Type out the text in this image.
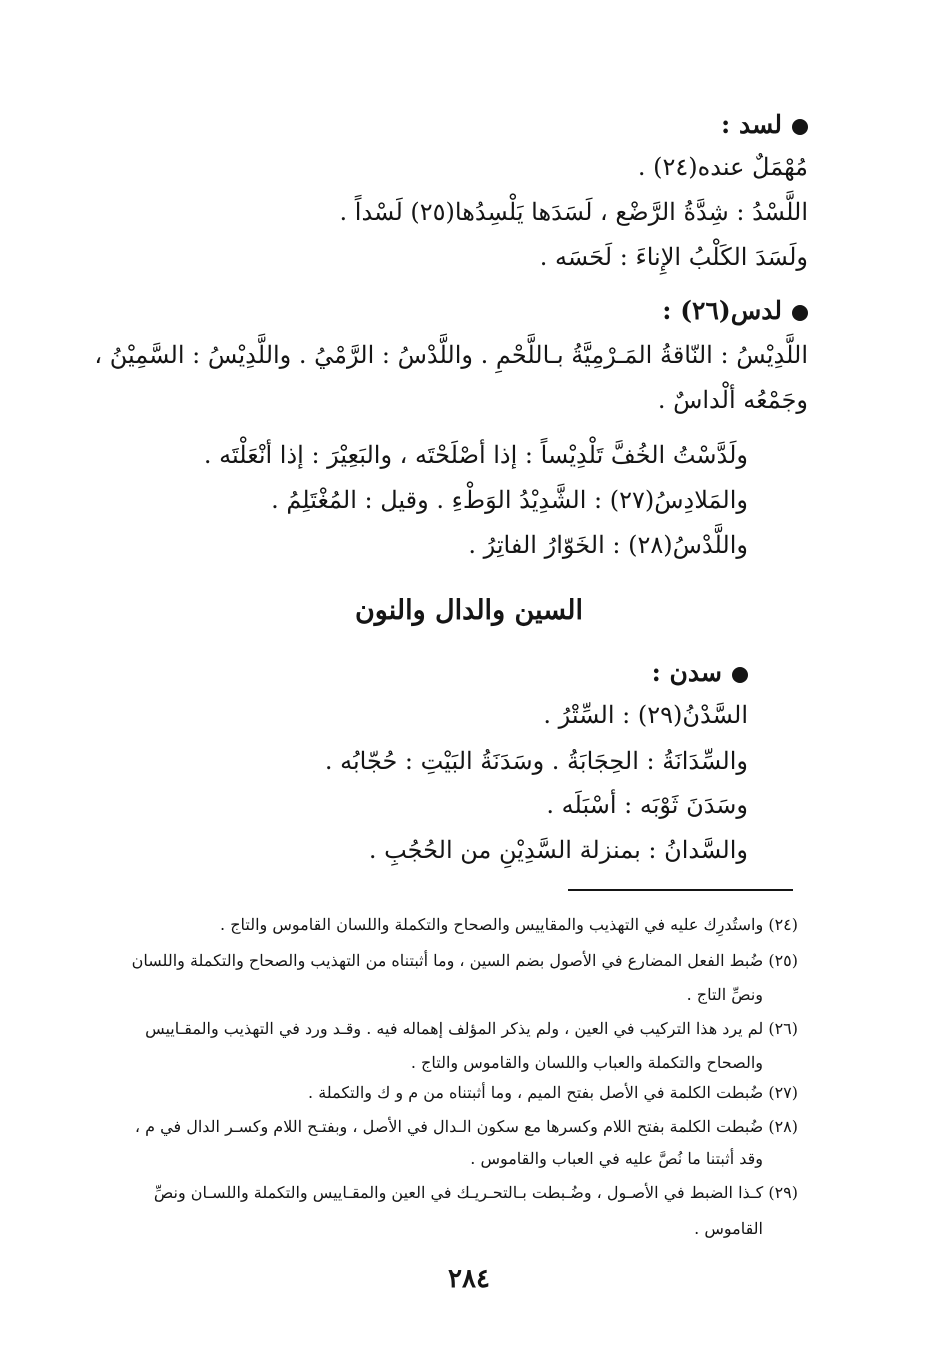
لسد :
مُهْمَلٌ عنده(٢٤) .
اللَّسْدُ : شِدَّةُ الرَّضْع ، لَسَدَها يَلْسِدُها(٢٥) لَسْداً .
ولَسَدَ الكَلْبُ الإِناءَ : لَحَسَه .
لدس(٢٦) :
اللَّدِيْسُ : النّاقةُ المَـرْمِيَّةُ بـاللَّحْمِ . واللَّدْسُ : الرَّمْيُ . واللَّدِيْسُ : السَّمِيْنُ ،
وجَمْعُه ألْداسٌ .
ولَدَّسْتُ الخُفَّ تَلْدِيْساً : إذا أصْلَحْتَه ، والبَعِيْرَ : إذا أنْعَلْتَه .
والمَلادِسُ(٢٧) : الشَّدِيْدُ الوَطْءِ . وقيل : المُغْتَلِمُ .
واللَّدْسُ(٢٨) : الخَوّارُ الفاتِرُ .
السين والدال والنون
سدن :
السَّدْنُ(٢٩) : السِّتْرُ .
والسِّدَانَةُ : الحِجَابَةُ . وسَدَنَةُ البَيْتِ : حُجّابُه .
وسَدَنَ ثَوْبَه : أسْبَلَه .
والسَّدانُ : بمنزلة السَّدِيْنِ من الحُجُبِ .
(٢٤) واستُدرِك عليه في التهذيب والمقاييس والصحاح والتكملة واللسان القاموس والتاج .
(٢٥) ضُبط الفعل المضارع في الأصول بضم السين ، وما أثبتناه من التهذيب والصحاح والتكملة واللسان
ونصِّ التاج .
(٢٦) لم يرد هذا التركيب في العين ، ولم يذكر المؤلف إهماله فيه . وقـد ورد في التهذيب والمقـاييس
والصحاح والتكملة والعباب واللسان والقاموس والتاج .
(٢٧) ضُبطت الكلمة في الأصل بفتح الميم ، وما أثبتناه من م و ك والتكملة .
(٢٨) ضُبطت الكلمة بفتح اللام وكسرها مع سكون الـدال في الأصل ، وبفتـح اللام وكسـر الدال في م ،
وقد أثبتنا ما نُصَّ عليه في العباب والقاموس .
(٢٩) كـذا الضبط في الأصـول ، وضُـبطت بـالتحـريـك في العين والمقـاييس والتكملة واللسـان ونصِّ
القاموس .
٢٨٤
